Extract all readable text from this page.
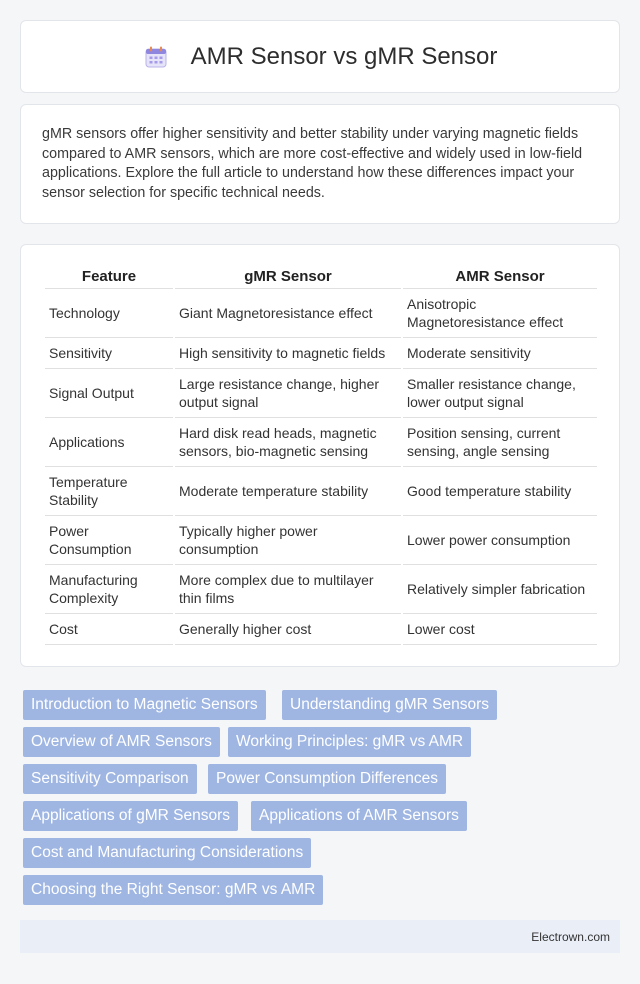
AMR Sensor vs gMR Sensor

gMR sensors offer higher sensitivity and better stability under varying magnetic fields compared to AMR sensors, which are more cost-effective and widely used in low-field applications. Explore the full article to understand how these differences impact your sensor selection for specific technical needs.

Feature	gMR Sensor	AMR Sensor
Technology	Giant Magnetoresistance effect	Anisotropic Magnetoresistance effect
Sensitivity	High sensitivity to magnetic fields	Moderate sensitivity
Signal Output	Large resistance change, higher output signal	Smaller resistance change, lower output signal
Applications	Hard disk read heads, magnetic sensors, bio-magnetic sensing	Position sensing, current sensing, angle sensing
Temperature Stability	Moderate temperature stability	Good temperature stability
Power Consumption	Typically higher power consumption	Lower power consumption
Manufacturing Complexity	More complex due to multilayer thin films	Relatively simpler fabrication
Cost	Generally higher cost	Lower cost
Introduction to Magnetic Sensors	Understanding gMR Sensors
Overview of AMR Sensors	Working Principles: gMR vs AMR
Sensitivity Comparison	Power Consumption Differences
Applications of gMR Sensors	Applications of AMR Sensors
Cost and Manufacturing Considerations
Choosing the Right Sensor: gMR vs AMR
Electrown.com
